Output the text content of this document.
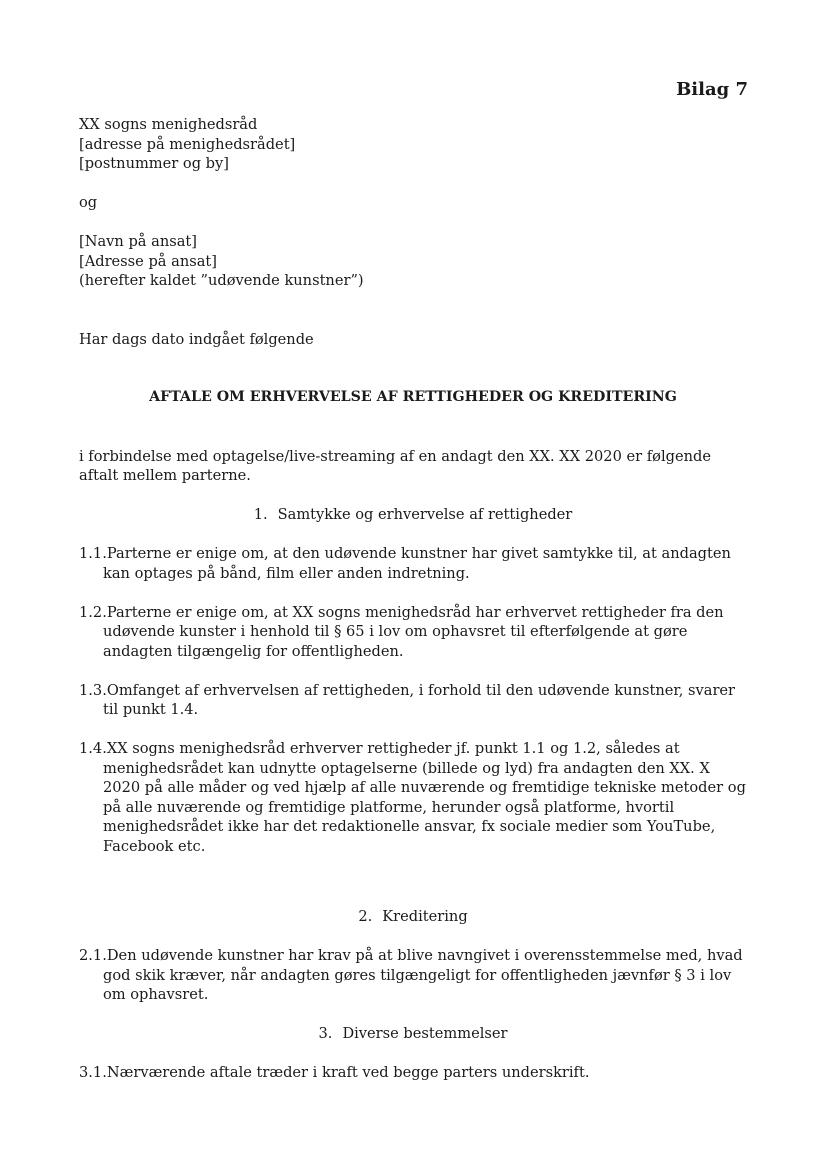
Bilag 7
XX sogns menighedsråd
[adresse på menighedsrådet]
[postnummer og by]
og
[Navn på ansat]
[Adresse på ansat]
(herefter kaldet ”udøvende kunstner”)
Har dags dato indgået følgende
AFTALE OM ERHVERVELSE AF RETTIGHEDER OG KREDITERING
i forbindelse med optagelse/live-streaming af en andagt den XX. XX 2020 er følgende aftalt mellem parterne.
1. Samtykke og erhvervelse af rettigheder
1.1.Parterne er enige om, at den udøvende kunstner har givet samtykke til, at andagten kan optages på bånd, film eller anden indretning.
1.2.Parterne er enige om, at XX sogns menighedsråd har erhvervet rettigheder fra den udøvende kunster i henhold til § 65 i lov om ophavsret til efterfølgende at gøre andagten tilgængelig for offentligheden.
1.3.Omfanget af erhvervelsen af rettigheden, i forhold til den udøvende kunstner, svarer til punkt 1.4.
1.4.XX sogns menighedsråd erhverver rettigheder jf. punkt 1.1 og 1.2, således at menighedsrådet kan udnytte optagelserne (billede og lyd) fra andagten den XX. X 2020 på alle måder og ved hjælp af alle nuværende og fremtidige tekniske metoder og på alle nuværende og fremtidige platforme, herunder også platforme, hvortil menighedsrådet ikke har det redaktionelle ansvar, fx sociale medier som YouTube, Facebook etc.
2. Kreditering
2.1.Den udøvende kunstner har krav på at blive navngivet i overensstemmelse med, hvad god skik kræver, når andagten gøres tilgængeligt for offentligheden jævnfør § 3 i lov om ophavsret.
3. Diverse bestemmelser
3.1.Nærværende aftale træder i kraft ved begge parters underskrift.
